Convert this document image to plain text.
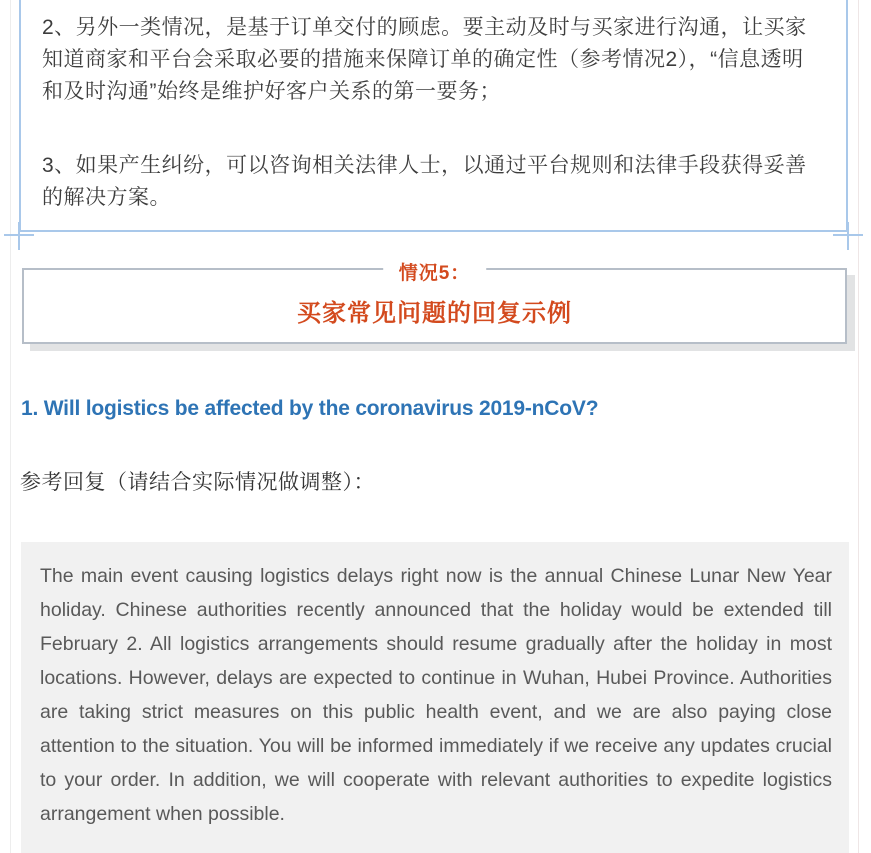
2、另外一类情况，是基于订单交付的顾虑。要主动及时与买家进行沟通，让买家知道商家和平台会采取必要的措施来保障订单的确定性（参考情况2），“信息透明和及时沟通”始终是维护好客户关系的第一要务；

3、如果产生纠纷，可以咨询相关法律人士，以通过平台规则和法律手段获得妥善的解决方案。

情况5：
买家常见问题的回复示例
1. Will logistics be affected by the coronavirus 2019-nCoV?
参考回复（请结合实际情况做调整）：
The main event causing logistics delays right now is the annual Chinese Lunar New Year holiday. Chinese authorities recently announced that the holiday would be extended till February 2. All logistics arrangements should resume gradually after the holiday in most locations. However, delays are expected to continue in Wuhan, Hubei Province. Authorities are taking strict measures on this public health event, and we are also paying close attention to the situation. You will be informed immediately if we receive any updates crucial to your order. In addition, we will cooperate with relevant authorities to expedite logistics arrangement when possible.
